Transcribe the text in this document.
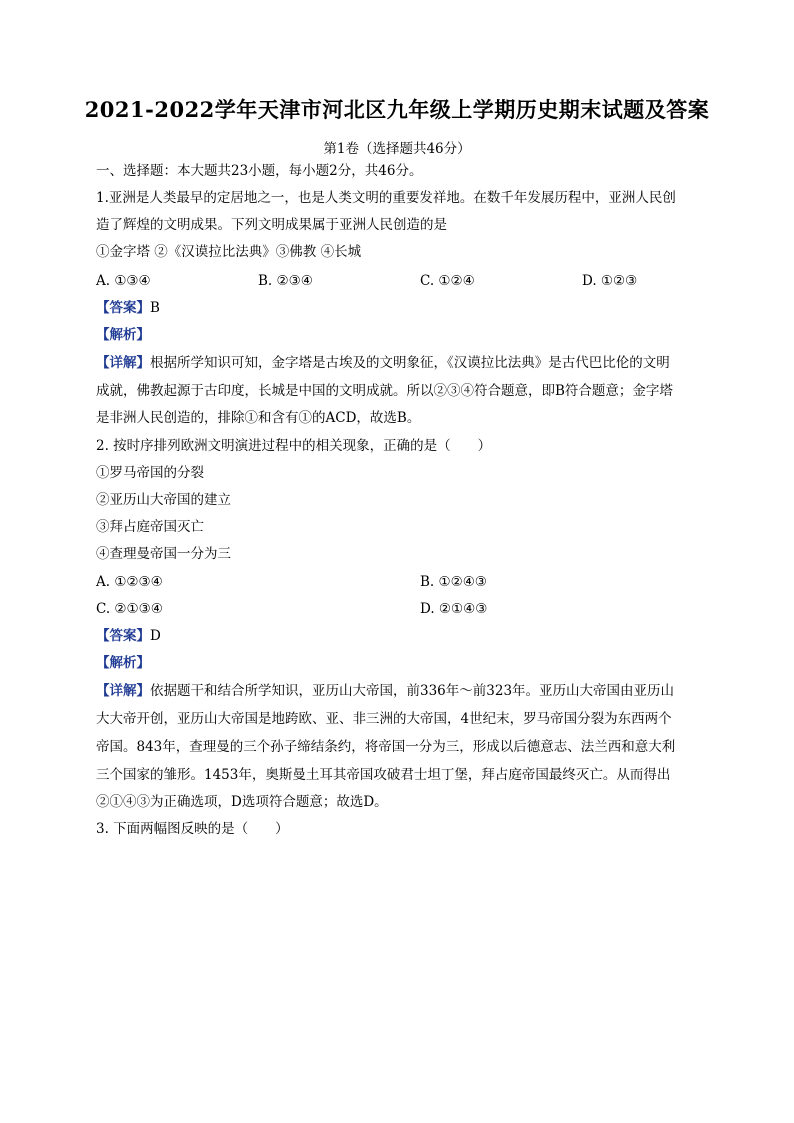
2021-2022学年天津市河北区九年级上学期历史期末试题及答案
第1卷（选择题共46分）
一、选择题：本大题共23小题，每小题2分，共46分。
1.亚洲是人类最早的定居地之一，也是人类文明的重要发祥地。在数千年发展历程中，亚洲人民创
造了辉煌的文明成果。下列文明成果属于亚洲人民创造的是
①金字塔 ②《汉谟拉比法典》③佛教 ④长城
A. ①③④	B. ②③④	C. ①②④	D. ①②③
【答案】B
【解析】
【详解】根据所学知识可知，金字塔是古埃及的文明象征，《汉谟拉比法典》是古代巴比伦的文明
成就，佛教起源于古印度，长城是中国的文明成就。所以②③④符合题意，即B符合题意；金字塔
是非洲人民创造的，排除①和含有①的ACD，故选B。
2. 按时序排列欧洲文明演进过程中的相关现象，正确的是（　　）
①罗马帝国的分裂
②亚历山大帝国的建立
③拜占庭帝国灭亡
④查理曼帝国一分为三
A. ①②③④	B. ①②④③
C. ②①③④	D. ②①④③
【答案】D
【解析】
【详解】依据题干和结合所学知识，亚历山大帝国，前336年～前323年。亚历山大帝国由亚历山
大大帝开创，亚历山大帝国是地跨欧、亚、非三洲的大帝国，4世纪末，罗马帝国分裂为东西两个
帝国。843年，查理曼的三个孙子缔结条约，将帝国一分为三，形成以后德意志、法兰西和意大利
三个国家的雏形。1453年，奥斯曼土耳其帝国攻破君士坦丁堡，拜占庭帝国最终灭亡。从而得出
②①④③为正确选项，D选项符合题意；故选D。
3. 下面两幅图反映的是（　　）
